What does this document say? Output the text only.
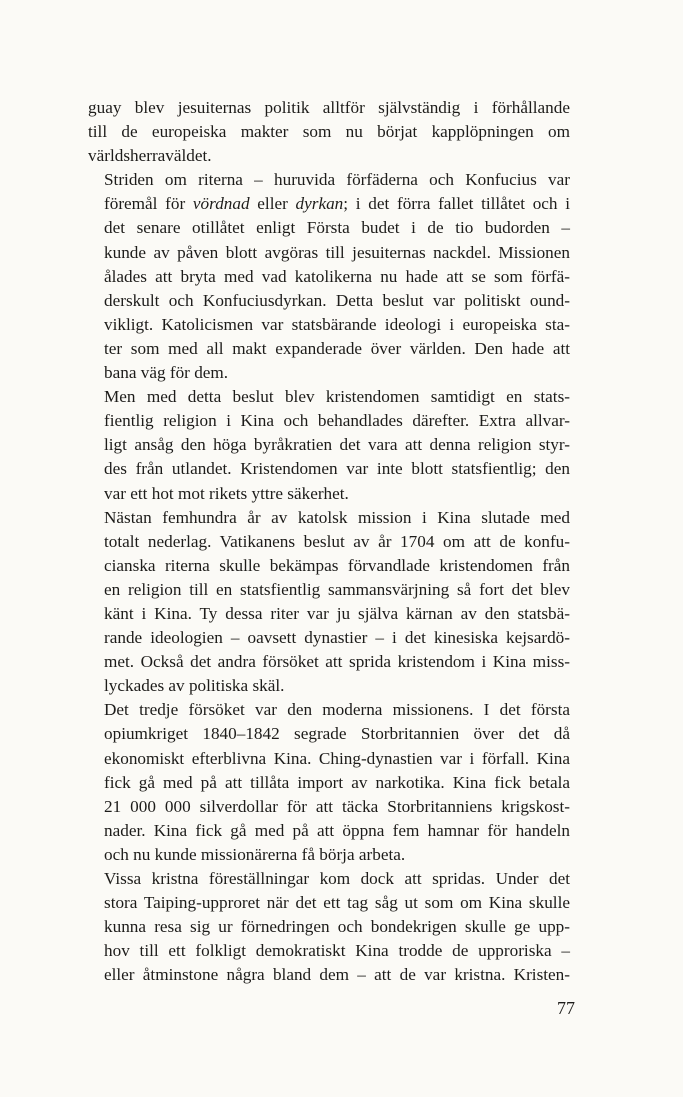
guay blev jesuiternas politik alltför självständig i förhållande
till de europeiska makter som nu börjat kapplöpningen om
världsherraväldet.

Striden om riterna – huruvida förfäderna och Konfucius var
föremål för vördnad eller dyrkan; i det förra fallet tillåtet och i
det senare otillåtet enligt Första budet i de tio budorden –
kunde av påven blott avgöras till jesuiternas nackdel. Missionen
ålades att bryta med vad katolikerna nu hade att se som förfä-
derskult och Konfuciusdyrkan. Detta beslut var politiskt ound-
vikligt. Katolicismen var statsbärande ideologi i europeiska sta-
ter som med all makt expanderade över världen. Den hade att
bana väg för dem.

Men med detta beslut blev kristendomen samtidigt en stats-
fientlig religion i Kina och behandlades därefter. Extra allvar-
ligt ansåg den höga byråkratien det vara att denna religion styr-
des från utlandet. Kristendomen var inte blott statsfientlig; den
var ett hot mot rikets yttre säkerhet.

Nästan femhundra år av katolsk mission i Kina slutade med
totalt nederlag. Vatikanens beslut av år 1704 om att de konfu-
cianska riterna skulle bekämpas förvandlade kristendomen från
en religion till en statsfientlig sammansvärjning så fort det blev
känt i Kina. Ty dessa riter var ju själva kärnan av den statsbä-
rande ideologien – oavsett dynastier – i det kinesiska kejsardö-
met. Också det andra försöket att sprida kristendom i Kina miss-
lyckades av politiska skäl.

Det tredje försöket var den moderna missionens. I det första
opiumkriget 1840–1842 segrade Storbritannien över det då
ekonomiskt efterblivna Kina. Ching-dynastien var i förfall. Kina
fick gå med på att tillåta import av narkotika. Kina fick betala
21 000 000 silverdollar för att täcka Storbritanniens krigskost-
nader. Kina fick gå med på att öppna fem hamnar för handeln
och nu kunde missionärerna få börja arbeta.

Vissa kristna föreställningar kom dock att spridas. Under det
stora Taiping-upproret när det ett tag såg ut som om Kina skulle
kunna resa sig ur förnedringen och bondekrigen skulle ge upp-
hov till ett folkligt demokratiskt Kina trodde de upproriska –
eller åtminstone några bland dem – att de var kristna. Kristen-

77
